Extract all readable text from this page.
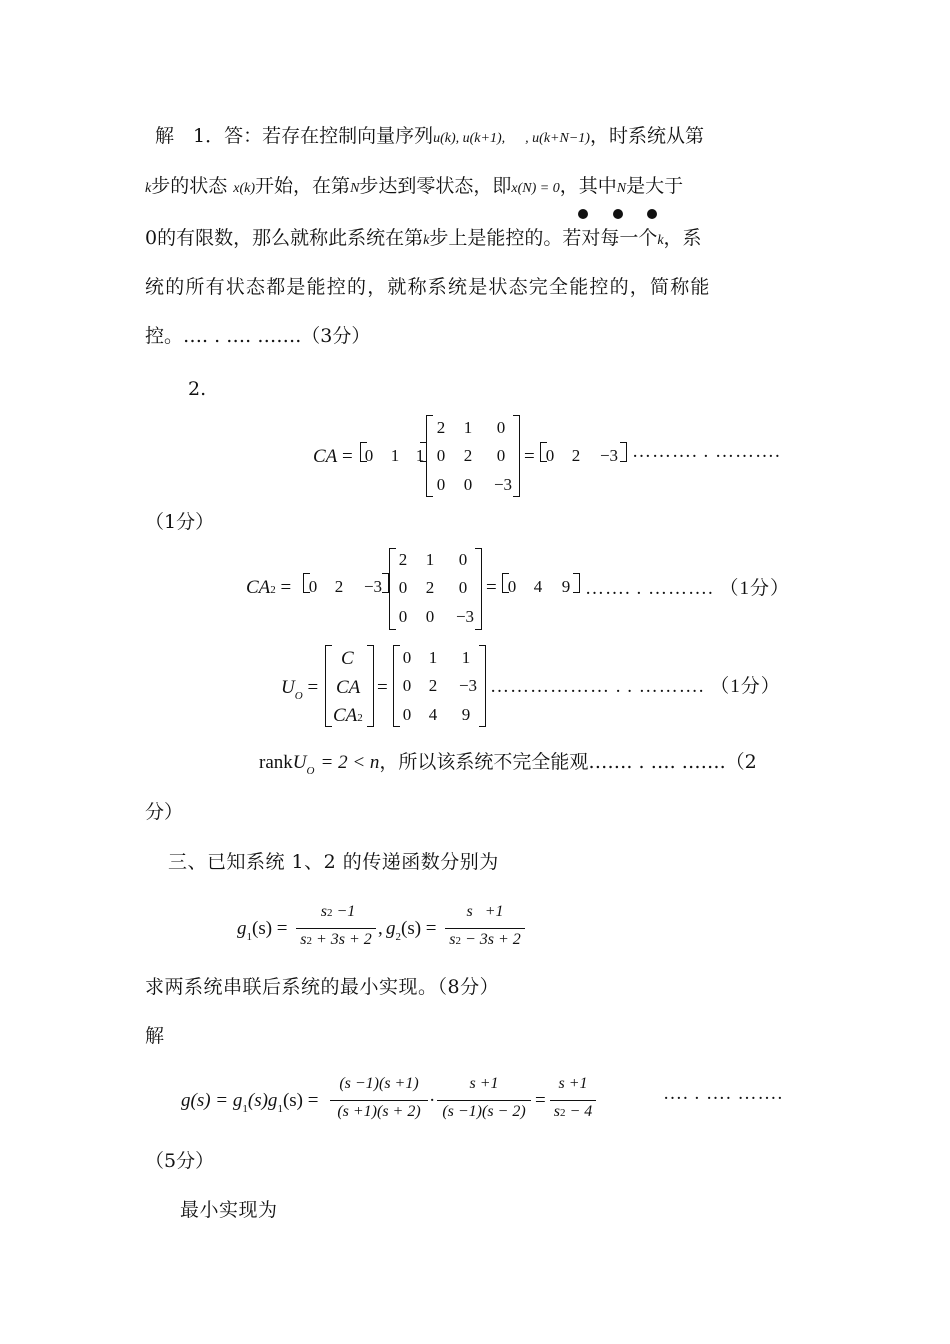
解　1．答：若存在控制向量序列u(k), u(k+1), , u(k+N−1)，时系统从第
k步的状态 x(k)开始，在第N步达到零状态，即x(N) = 0，其中N是大于
0的有限数，那么就称此系统在第k步上是能控的。若对每一个k，系
统的所有状态都是能控的，就称系统是状态完全能控的，简称能
控。…. . …. …….（3分）
2.
CA = 0	1 1
2	1	0
0	2	0
0	0	−3
= 0	2	−3 ………. . ……….
（1分）
CA2 =	0	2	−3
2	1	0
0	2	0
0	0	−3
= 0	4	9 ……. . ………. （1分）
$U_O$ =
C
CA
CA2
=
0	1	1
0	2	−3
0	4	9
……………… . . ………. （1分）
rankU$_O$ = 2 < n，所以该系统不完全能观……. . …. …….（2
分）
三、已知系统 1、2 的传递函数分别为
$g_1(s)$ =
s2 −1
s2 + 3s + 2
, $g_2(s)$ =
s   +1
s2 − 3s + 2
求两系统串联后系统的最小实现。（8分）
解
$g(s) = g_1(s)g_1(s)$ =
(s −1)(s +1)
(s +1)(s + 2)
·
s +1
(s −1)(s − 2)
=
s +1
s2 − 4
…. . …. …….
（5分）
最小实现为
